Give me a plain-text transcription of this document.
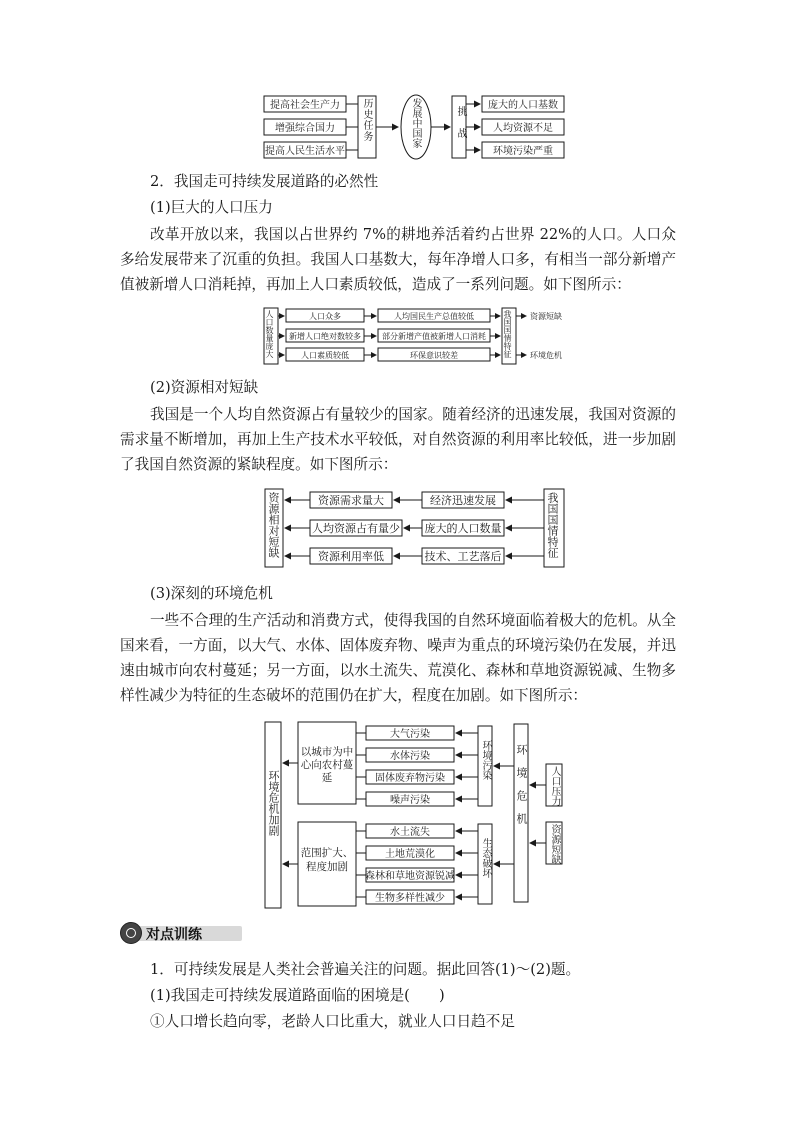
提高社会生产力
增强综合国力
提高人民生活水平
庞大的人口基数
人均资源不足
环境污染严重
历史任务	发展中国家	挑战
2．我国走可持续发展道路的必然性
(1)巨大的人口压力
改革开放以来，我国以占世界约 7%的耕地养活着约占世界 22%的人口。人口众多给发展带来了沉重的负担。我国人口基数大，每年净增人口多，有相当一部分新增产值被新增人口消耗掉，再加上人口素质较低，造成了一系列问题。如下图所示：
人口众多
新增人口绝对数较多
人口素质较低
人均国民生产总值较低
部分新增产值被新增人口消耗
环保意识较差
资源短缺
环境危机
人口数量庞大	我国国情特征
(2)资源相对短缺
我国是一个人均自然资源占有量较少的国家。随着经济的迅速发展，我国对资源的需求量不断增加，再加上生产技术水平较低，对自然资源的利用率比较低，进一步加剧了我国自然资源的紧缺程度。如下图所示：
资源需求量大
人均资源占有量少
资源利用率低
经济迅速发展
庞大的人口数量
技术、工艺落后
资源相对短缺	我国国情特征
(3)深刻的环境危机
一些不合理的生产活动和消费方式，使得我国的自然环境面临着极大的危机。从全国来看，一方面，以大气、水体、固体废弃物、噪声为重点的环境污染仍在发展，并迅速由城市向农村蔓延；另一方面，以水土流失、荒漠化、森林和草地资源锐减、生物多样性减少为特征的生态破坏的范围仍在扩大，程度在加剧。如下图所示：
大气污染
水体污染
固体废弃物污染
噪声污染
水土流失
土地荒漠化
森林和草地资源锐减
生物多样性减少
环境危机加剧
以城市为中心向农村蔓延
范围扩大、程度加剧
环境污染
生态破坏
环境危机 人口压力
资源短缺
对点训练
1．可持续发展是人类社会普遍关注的问题。据此回答(1)～(2)题。
(1)我国走可持续发展道路面临的困境是(　　)
①人口增长趋向零，老龄人口比重大，就业人口日趋不足
